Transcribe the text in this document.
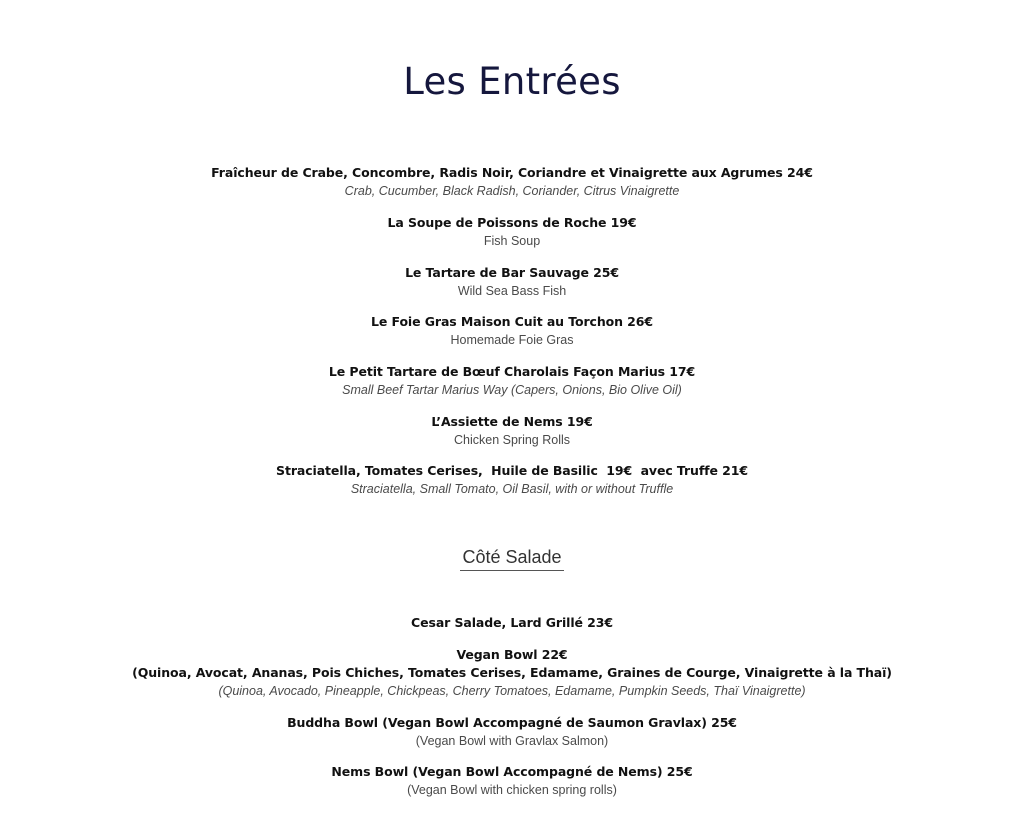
Les Entrées
Fraîcheur de Crabe, Concombre, Radis Noir, Coriandre et Vinaigrette aux Agrumes 24€
Crab, Cucumber, Black Radish, Coriander, Citrus Vinaigrette
La Soupe de Poissons de Roche 19€
Fish Soup
Le Tartare de Bar Sauvage 25€
Wild Sea Bass Fish
Le Foie Gras Maison Cuit au Torchon 26€
Homemade Foie Gras
Le Petit Tartare de Bœuf Charolais Façon Marius 17€
Small Beef Tartar Marius Way (Capers, Onions, Bio Olive Oil)
L’Assiette de Nems 19€
Chicken Spring Rolls
Straciatella, Tomates Cerises,  Huile de Basilic  19€  avec Truffe 21€
Straciatella, Small Tomato, Oil Basil, with or without Truffle
Côté Salade
Cesar Salade, Lard Grillé 23€
Vegan Bowl 22€
(Quinoa, Avocat, Ananas, Pois Chiches, Tomates Cerises, Edamame, Graines de Courge, Vinaigrette à la Thaï)
(Quinoa, Avocado, Pineapple, Chickpeas, Cherry Tomatoes, Edamame, Pumpkin Seeds, Thaï Vinaigrette)
Buddha Bowl (Vegan Bowl Accompagné de Saumon Gravlax) 25€
(Vegan Bowl with Gravlax Salmon)
Nems Bowl (Vegan Bowl Accompagné de Nems) 25€
(Vegan Bowl with chicken spring rolls)
